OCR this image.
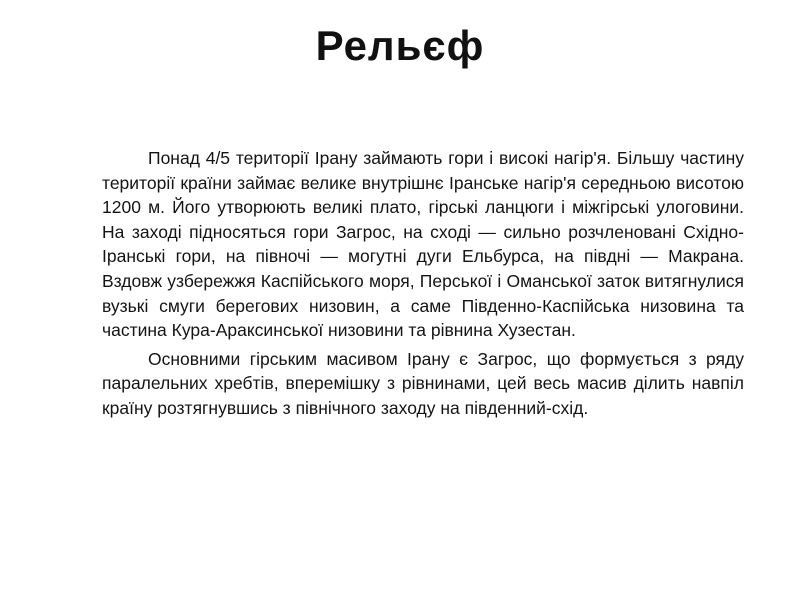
Рельєф

Понад 4/5 території Ірану займають гори і високі нагір'я. Більшу частину території країни займає велике внутрішнє Іранське нагір'я середньою висотою 1200 м. Його утворюють великі плато, гірські ланцюги і міжгірські улоговини. На заході підносяться гори Загрос, на сході — сильно розчленовані Східно-Іранські гори, на півночі — могутні дуги Ельбурса, на півдні — Макрана. Вздовж узбережжя Каспійського моря, Перської і Оманської заток витягнулися вузькі смуги берегових низовин, а саме Південно-Каспійська низовина та частина Кура-Араксинської низовини та рівнина Хузестан.

Основними гірським масивом Ірану є Загрос, що формується з ряду паралельних хребтів, вперемішку з рівнинами, цей весь масив ділить навпіл країну розтягнувшись з північного заходу на південний-схід.
